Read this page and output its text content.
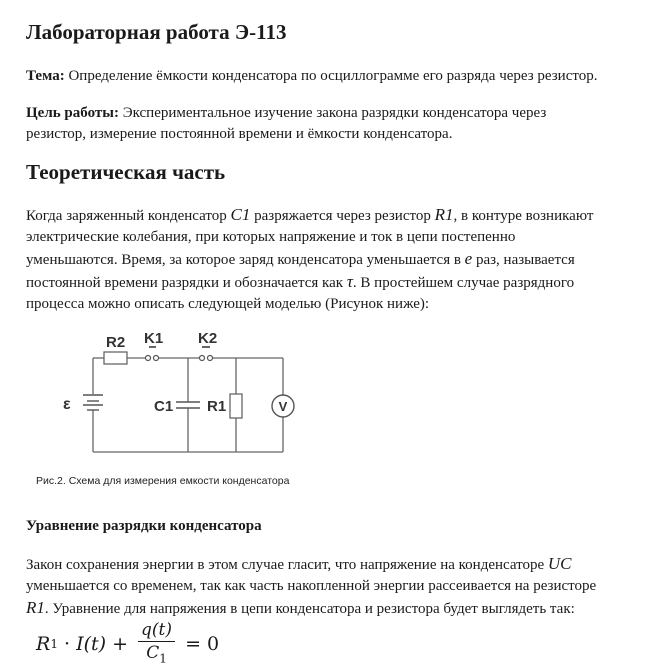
Лабораторная работа Э-113

Тема: Определение ёмкости конденсатора по осциллограмме его разряда через резистор.

Цель работы: Экспериментальное изучение закона разрядки конденсатора через
резистор, измерение постоянной времени и ёмкости конденсатора.

Теоретическая часть

Когда заряженный конденсатор C1 разряжается через резистор R1, в контуре возникают
электрические колебания, при которых напряжение и ток в цепи постепенно
уменьшаются. Время, за которое заряд конденсатора уменьшается в e раз, называется
постоянной времени разрядки и обозначается как τ. В простейшем случае разрядного
процесса можно описать следующей моделью (Рисунок ниже):

R2 K1 K2
ε	C1 R1	V
Рис.2. Схема для измерения емкости конденсатора
Уравнение разрядки конденсатора

Закон сохранения энергии в этом случае гласит, что напряжение на конденсаторе UC
уменьшается со временем, так как часть накопленной энергии рассеивается на резисторе
R1. Уравнение для напряжения в цепи конденсатора и резистора будет выглядеть так:

R $1 \cdot I(t) + \frac{q(t)}{C_1} = 0$
